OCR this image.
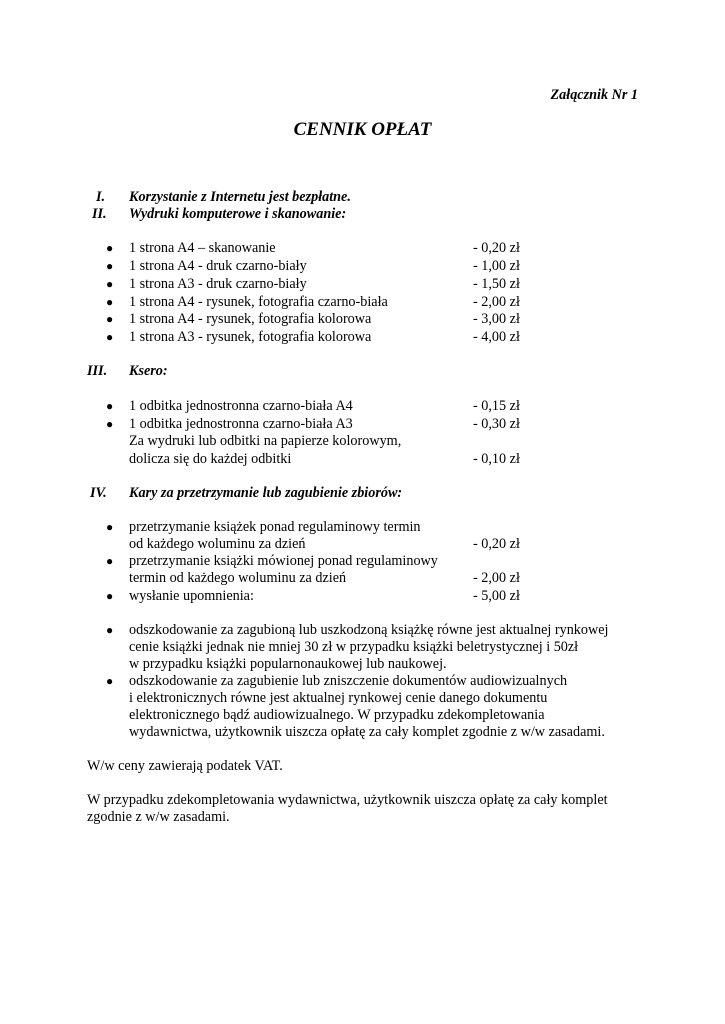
Załącznik Nr 1
CENNIK OPŁAT
I. Korzystanie z Internetu jest bezpłatne.
II. Wydruki komputerowe i skanowanie:
● 1 strona A4 – skanowanie	- 0,20 zł
● 1 strona A4 - druk czarno-biały	- 1,00 zł
● 1 strona A3 - druk czarno-biały	- 1,50 zł
● 1 strona A4 - rysunek, fotografia czarno-biała	- 2,00 zł
● 1 strona A4 - rysunek, fotografia kolorowa	- 3,00 zł
● 1 strona A3 - rysunek, fotografia kolorowa	- 4,00 zł
III. Ksero:
● 1 odbitka jednostronna czarno-biała A4	- 0,15 zł
● 1 odbitka jednostronna czarno-biała A3	- 0,30 zł
Za wydruki lub odbitki na papierze kolorowym,
dolicza się do każdej odbitki	- 0,10 zł
IV. Kary za przetrzymanie lub zagubienie zbiorów:
● przetrzymanie książek ponad regulaminowy termin
od każdego woluminu za dzień	- 0,20 zł
● przetrzymanie książki mówionej ponad regulaminowy
termin od każdego woluminu za dzień	- 2,00 zł
● wysłanie upomnienia:	- 5,00 zł
● odszkodowanie za zagubioną lub uszkodzoną książkę równe jest aktualnej rynkowej
cenie książki jednak nie mniej 30 zł w przypadku książki beletrystycznej i 50zł
w przypadku książki popularnonaukowej lub naukowej.
● odszkodowanie za zagubienie lub zniszczenie dokumentów audiowizualnych
i elektronicznych równe jest aktualnej rynkowej cenie danego dokumentu
elektronicznego bądź audiowizualnego. W przypadku zdekompletowania
wydawnictwa, użytkownik uiszcza opłatę za cały komplet zgodnie z w/w zasadami.
W/w ceny zawierają podatek VAT.
W przypadku zdekompletowania wydawnictwa, użytkownik uiszcza opłatę za cały komplet
zgodnie z w/w zasadami.
